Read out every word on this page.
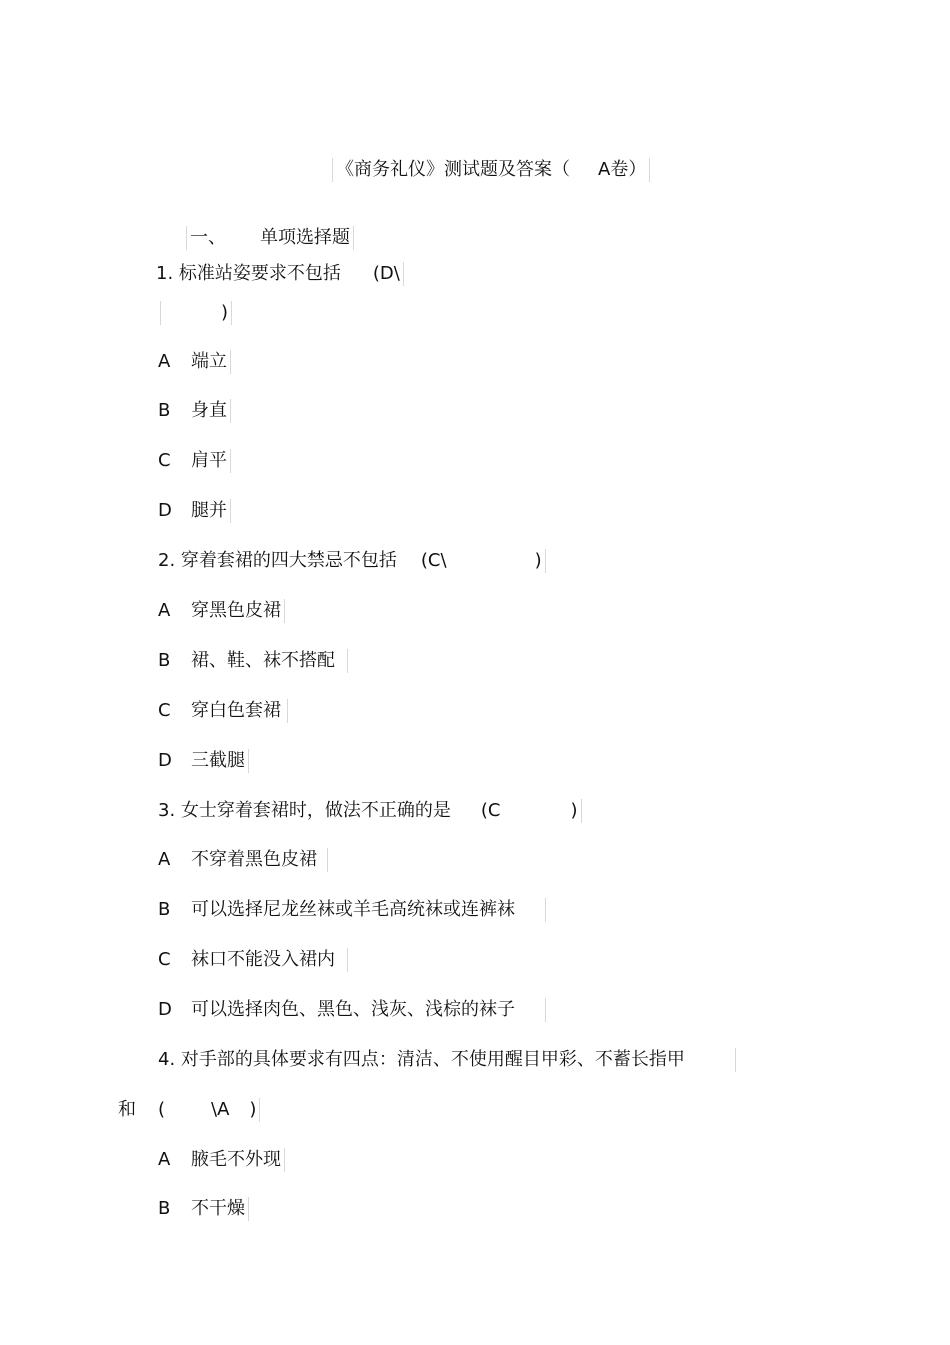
《商务礼仪》测试题及答案（ A卷）
一、 单项选择题
1. 标准站姿要求不包括 (D\
)
A	端立
B	身直
C	肩平
D	腿并
2. 穿着套裙的四大禁忌不包括 (C\	)
A	穿黑色皮裙
B	裙、鞋、袜不搭配
C	穿白色套裙
D	三截腿
3. 女士穿着套裙时，做法不正确的是 (C	)
A	不穿着黑色皮裙
B	可以选择尼龙丝袜或羊毛高统袜或连裤袜
C	袜口不能没入裙内
D	可以选择肉色、黑色、浅灰、浅棕的袜子
4. 对手部的具体要求有四点：清洁、不使用醒目甲彩、不蓄长指甲
和 (	\A )
A	腋毛不外现
B	不干燥
